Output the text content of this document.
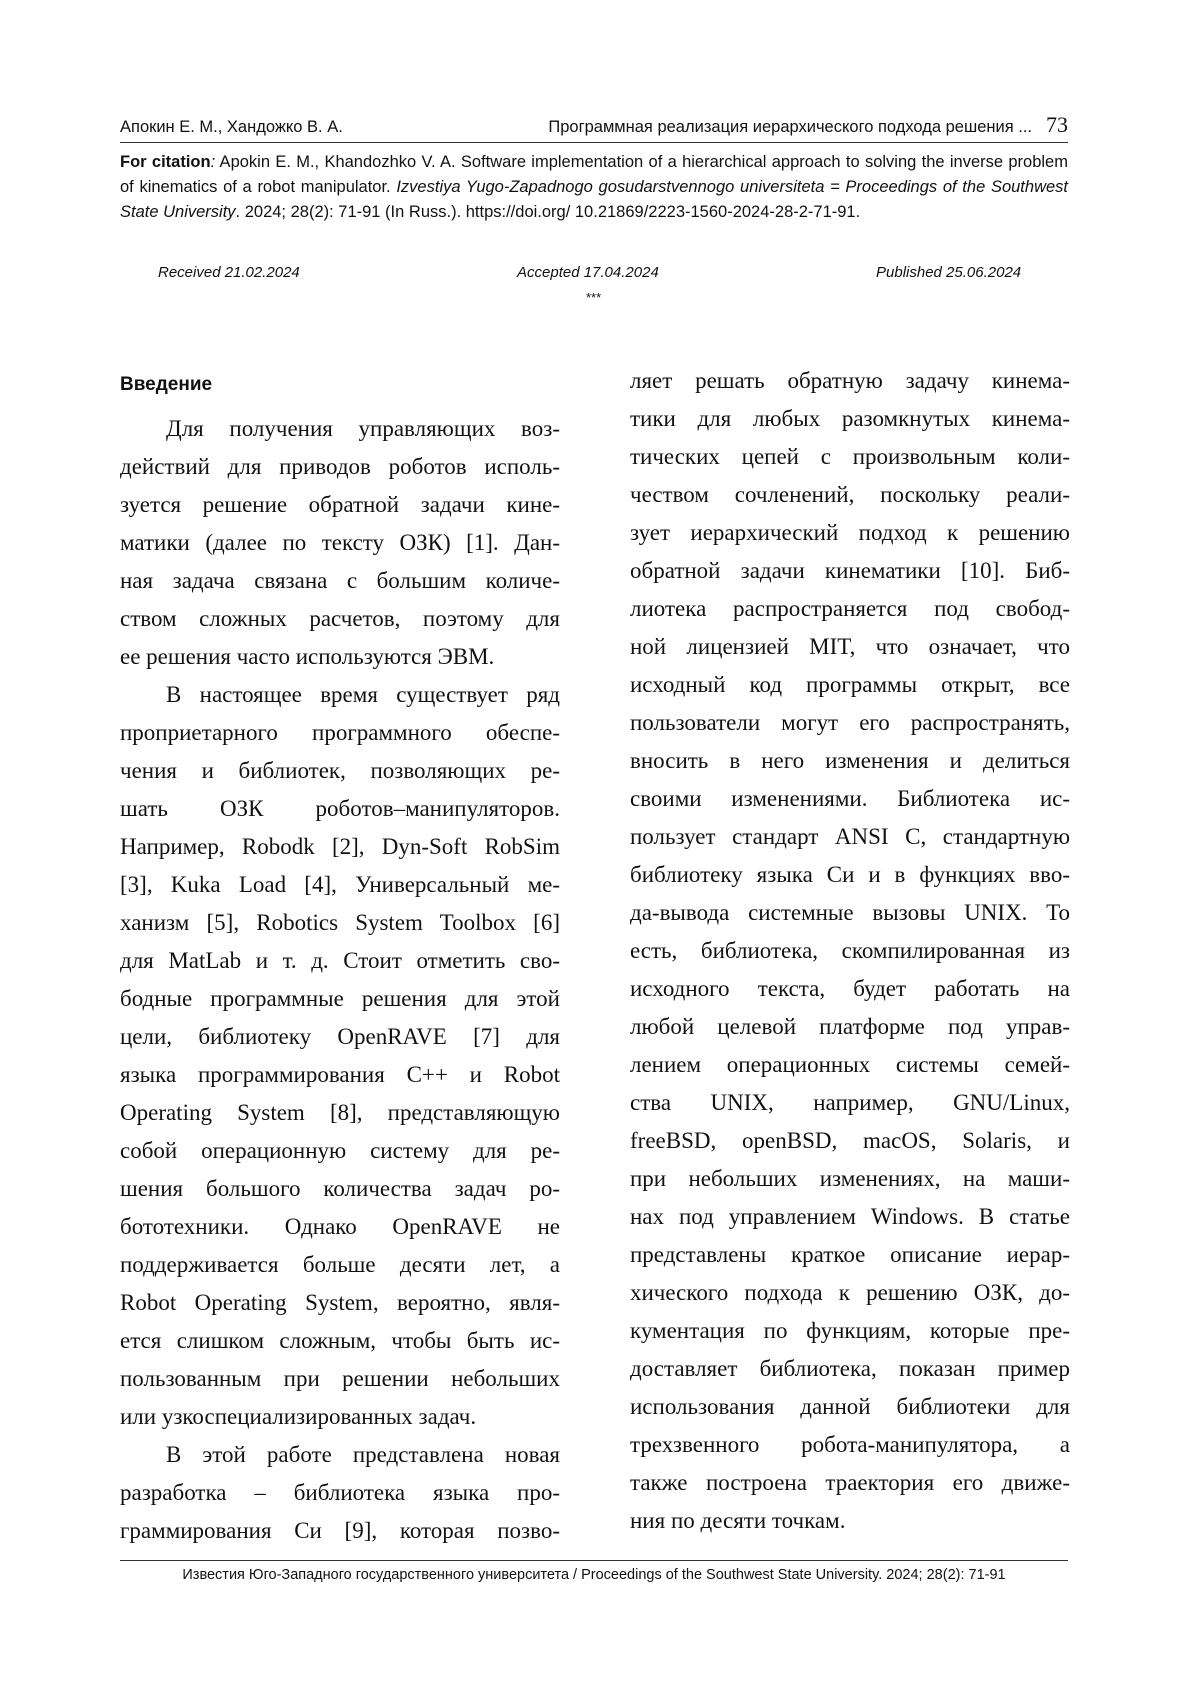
Апокин Е. М., Хандожко В. А.	Программная реализация иерархического подхода решения ... 73
For citation: Apokin E. M., Khandozhko V. A. Software implementation of a hierarchical approach to solving the inverse problem of kinematics of a robot manipulator. Izvestiya Yugo-Zapadnogo gosudarstvennogo universiteta = Proceedings of the Southwest State University. 2024; 28(2): 71-91 (In Russ.). https://doi.org/ 10.21869/2223-1560-2024-28-2-71-91.
Received 21.02.2024	Accepted 17.04.2024	Published 25.06.2024
***
Введение
Для получения управляющих воз-
действий для приводов роботов исполь-
зуется решение обратной задачи кине-
матики (далее по тексту ОЗК) [1]. Дан-
ная задача связана с большим количе-
ством сложных расчетов, поэтому для
ее решения часто используются ЭВМ.
В настоящее время существует ряд
проприетарного программного обеспе-
чения и библиотек, позволяющих ре-
шать ОЗК роботов–манипуляторов.
Например, Robodk [2], Dyn-Soft RobSim
[3], Kuka Load [4], Универсальный ме-
ханизм [5], Robotics System Toolbox [6]
для MatLab и т. д. Стоит отметить сво-
бодные программные решения для этой
цели, библиотеку OpenRAVE [7] для
языка программирования C++ и Robot
Operating System [8], представляющую
собой операционную систему для ре-
шения большого количества задач ро-
бототехники. Однако OpenRAVE не
поддерживается больше десяти лет, а
Robot Operating System, вероятно, явля-
ется слишком сложным, чтобы быть ис-
пользованным при решении небольших
или узкоспециализированных задач.
В этой работе представлена новая
разработка – библиотека языка про-
граммирования Си [9], которая позво-
ляет решать обратную задачу кинема-
тики для любых разомкнутых кинема-
тических цепей с произвольным коли-
чеством сочленений, поскольку реали-
зует иерархический подход к решению
обратной задачи кинематики [10]. Биб-
лиотека распространяется под свобод-
ной лицензией MIT, что означает, что
исходный код программы открыт, все
пользователи могут его распространять,
вносить в него изменения и делиться
своими изменениями. Библиотека ис-
пользует стандарт ANSI C, стандартную
библиотеку языка Си и в функциях вво-
да-вывода системные вызовы UNIX. То
есть, библиотека, скомпилированная из
исходного текста, будет работать на
любой целевой платформе под управ-
лением операционных системы семей-
ства UNIX, например, GNU/Linux,
freeBSD, openBSD, macOS, Solaris, и
при небольших изменениях, на маши-
нах под управлением Windows. В статье
представлены краткое описание иерар-
хического подхода к решению ОЗК, до-
кументация по функциям, которые пре-
доставляет библиотека, показан пример
использования данной библиотеки для
трехзвенного робота-манипулятора, а
также построена траектория его движе-
ния по десяти точкам.
Известия Юго-Западного государственного университета / Proceedings of the Southwest State University. 2024; 28(2): 71-91
